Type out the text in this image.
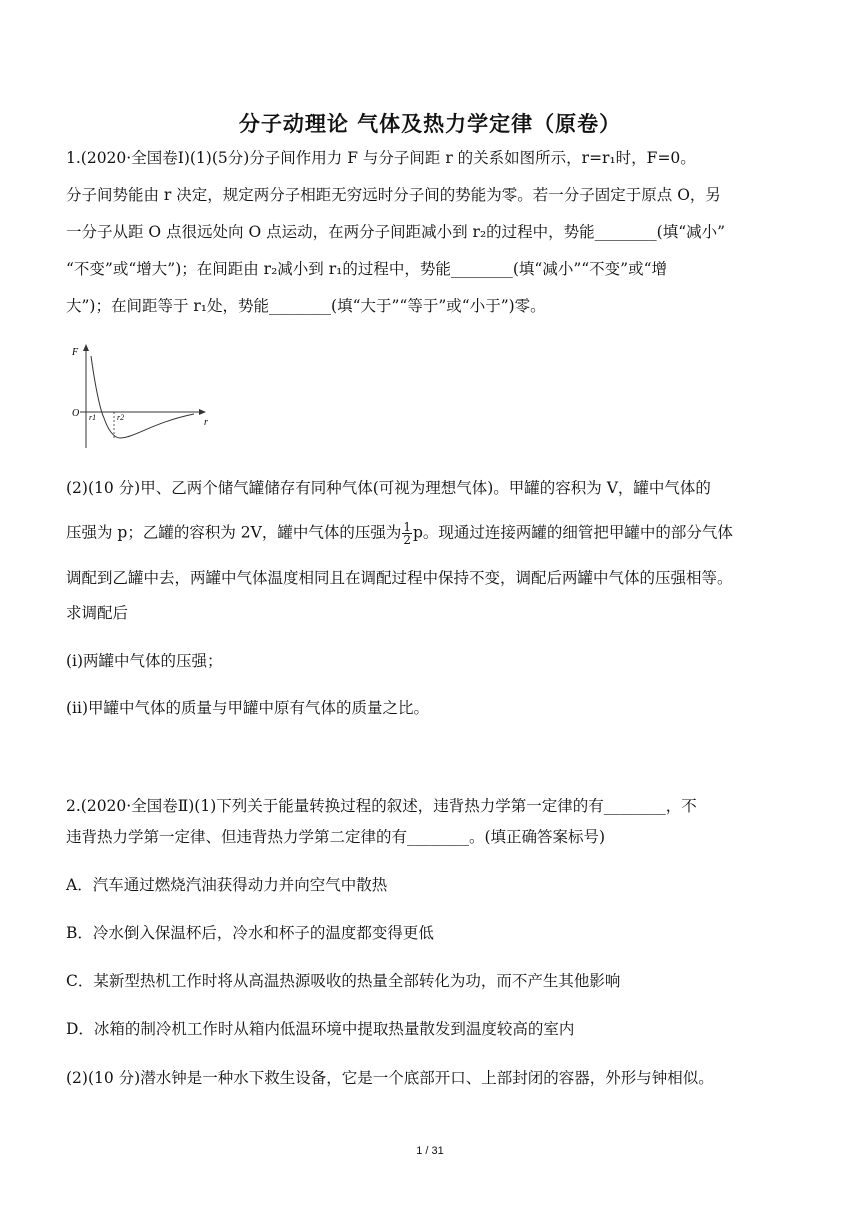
分子动理论 气体及热力学定律（原卷）
1.(2020·全国卷Ⅰ)(1)(5分)分子间作用力 F 与分子间距 r 的关系如图所示，r=r₁时，F=0。
分子间势能由 r 决定，规定两分子相距无穷远时分子间的势能为零。若一分子固定于原点 O，另
一分子从距 O 点很远处向 O 点运动，在两分子间距减小到 r₂的过程中，势能________(填“减小”
“不变”或“增大”)；在间距由 r₂减小到 r₁的过程中，势能________(填“减小”“不变”或“增
大”)；在间距等于 r₁处，势能________(填“大于”“等于”或“小于”)零。
F
r
O r1	r2
(2)(10 分)甲、乙两个储气罐储存有同种气体(可视为理想气体)。甲罐的容积为 V，罐中气体的
压强为 p；乙罐的容积为 2V，罐中气体的压强为 $\frac{1}{2}$ p。现通过连接两罐的细管把甲罐中的部分气体
调配到乙罐中去，两罐中气体温度相同且在调配过程中保持不变，调配后两罐中气体的压强相等。
求调配后
(ⅰ)两罐中气体的压强；
(ⅱ)甲罐中气体的质量与甲罐中原有气体的质量之比。
2.(2020·全国卷Ⅱ)(1)下列关于能量转换过程的叙述，违背热力学第一定律的有________，不
违背热力学第一定律、但违背热力学第二定律的有________。(填正确答案标号)
A．汽车通过燃烧汽油获得动力并向空气中散热
B．冷水倒入保温杯后，冷水和杯子的温度都变得更低
C．某新型热机工作时将从高温热源吸收的热量全部转化为功，而不产生其他影响
D．冰箱的制冷机工作时从箱内低温环境中提取热量散发到温度较高的室内
(2)(10 分)潜水钟是一种水下救生设备，它是一个底部开口、上部封闭的容器，外形与钟相似。
1 / 31
